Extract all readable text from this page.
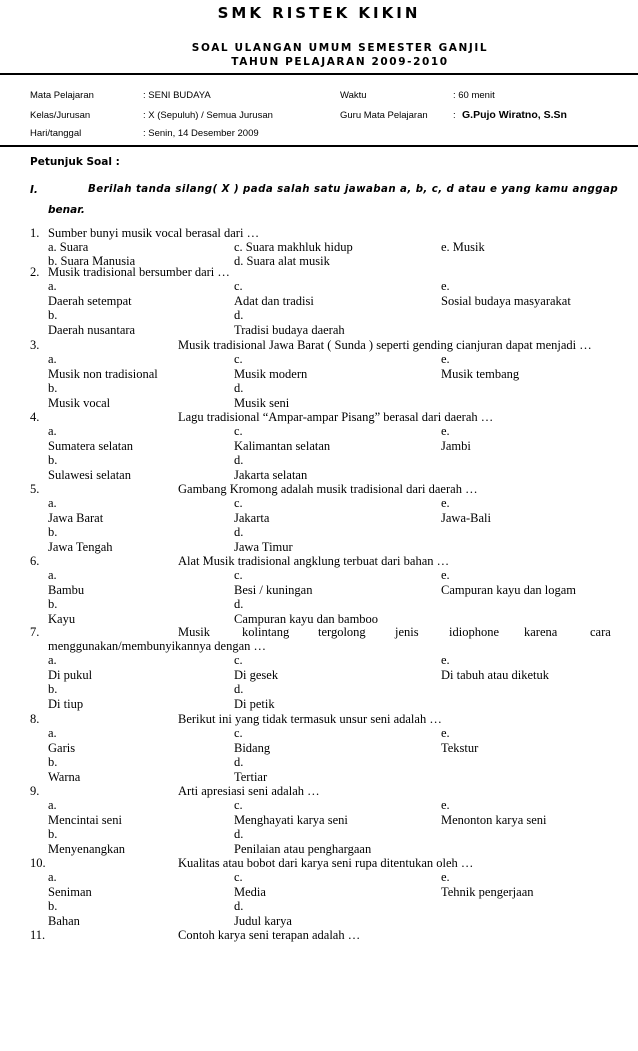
SMK RISTEK KIKIN
SOAL ULANGAN UMUM SEMESTER GANJIL
TAHUN PELAJARAN 2009-2010
Mata Pelajaran	: SENI BUDAYA	Waktu	: 60 menit
Kelas/Jurusan	: X (Sepuluh) / Semua Jurusan	Guru Mata Pelajaran	: G.Pujo Wiratno, S.Sn
Hari/tanggal	: Senin, 14 Desember 2009
Petunjuk Soal :
I.	Berilah tanda silang( X ) pada salah satu jawaban a, b, c, d atau e yang kamu anggap
benar.
1. Sumber bunyi musik vocal berasal dari …
a. Suara	c. Suara makhluk hidup	e. Musik
b. Suara Manusia	d. Suara alat musik
2. Musik tradisional bersumber dari …
a.	c.	e.
Daerah setempat	Adat dan tradisi	Sosial budaya masyarakat
b.	d.
Daerah nusantara	Tradisi budaya daerah
3.	Musik tradisional Jawa Barat ( Sunda ) seperti gending cianjuran dapat menjadi …
a.	c.	e.
Musik non tradisional	Musik modern	Musik tembang
b.	d.
Musik vocal	Musik seni
4.	Lagu tradisional “Ampar-ampar Pisang” berasal dari daerah …
a.	c.	e.
Sumatera selatan	Kalimantan selatan	Jambi
b.	d.
Sulawesi selatan	Jakarta selatan
5.	Gambang Kromong adalah musik tradisional dari daerah …
a.	c.	e.
Jawa Barat	Jakarta	Jawa-Bali
b.	d.
Jawa Tengah	Jawa Timur
6.	Alat Musik tradisional angklung terbuat dari bahan …
a.	c.	e.
Bambu	Besi / kuningan	Campuran kayu dan logam
b.	d.
Kayu	Campuran kayu dan bamboo
7.	Musik	kolintang tergolong jenis idiophone karena	cara
menggunakan/membunyikannya dengan …
a.	c.	e.
Di pukul	Di gesek	Di tabuh atau diketuk
b.	d.
Di tiup	Di petik
8.	Berikut ini yang tidak termasuk unsur seni adalah …
a.	c.	e.
Garis	Bidang	Tekstur
b.	d.
Warna	Tertiar
9.	Arti apresiasi seni adalah …
a.	c.	e.
Mencintai seni	Menghayati karya seni	Menonton karya seni
b.	d.
Menyenangkan	Penilaian atau penghargaan
10.	Kualitas atau bobot dari karya seni rupa ditentukan oleh …
a.	c.	e.
Seniman	Media	Tehnik pengerjaan
b.	d.
Bahan	Judul karya
11.	Contoh karya seni terapan adalah …
